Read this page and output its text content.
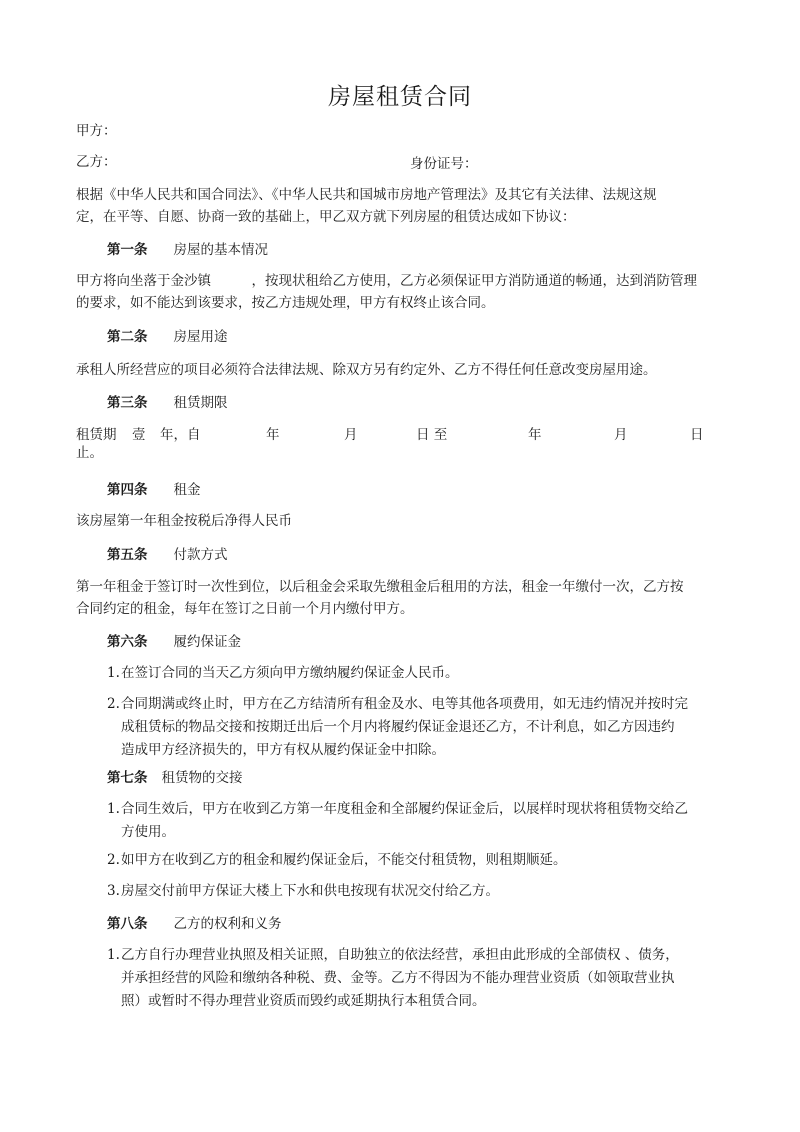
房屋租赁合同
甲方：
乙方：	身份证号：
根据《中华人民共和国合同法》、《中华人民共和国城市房地产管理法》及其它有关法律、法规这规
定，在平等、自愿、协商一致的基础上，甲乙双方就下列房屋的租赁达成如下协议：
第一条 房屋的基本情况
甲方将向坐落于金沙镇　　　，按现状租给乙方使用，乙方必须保证甲方消防通道的畅通，达到消防管理
的要求，如不能达到该要求，按乙方违规处理，甲方有权终止该合同。
第二条 房屋用途
承租人所经营应的项目必须符合法律法规、除双方另有约定外、乙方不得任何任意改变房屋用途。
第三条 租赁期限
租赁期 壹 年，自	年	月	日 至	年	月	日
止。
第四条 租金
该房屋第一年租金按税后净得人民币
第五条 付款方式
第一年租金于签订时一次性到位，以后租金会采取先缴租金后租用的方法，租金一年缴付一次，乙方按
合同约定的租金，每年在签订之日前一个月内缴付甲方。
第六条 履约保证金
1.在签订合同的当天乙方须向甲方缴纳履约保证金人民币。
2.合同期满或终止时，甲方在乙方结清所有租金及水、电等其他各项费用，如无违约情况并按时完
成租赁标的物品交接和按期迁出后一个月内将履约保证金退还乙方，不计利息，如乙方因违约
造成甲方经济损失的，甲方有权从履约保证金中扣除。
第七条 租赁物的交接
1.合同生效后，甲方在收到乙方第一年度租金和全部履约保证金后，以展样时现状将租赁物交给乙
方使用。
2.如甲方在收到乙方的租金和履约保证金后，不能交付租赁物，则租期顺延。
3.房屋交付前甲方保证大楼上下水和供电按现有状况交付给乙方。
第八条 乙方的权利和义务
1.乙方自行办理营业执照及相关证照，自助独立的依法经营，承担由此形成的全部债权 、债务，
并承担经营的风险和缴纳各种税、费、金等。乙方不得因为不能办理营业资质（如领取营业执
照）或暂时不得办理营业资质而毁约或延期执行本租赁合同。
